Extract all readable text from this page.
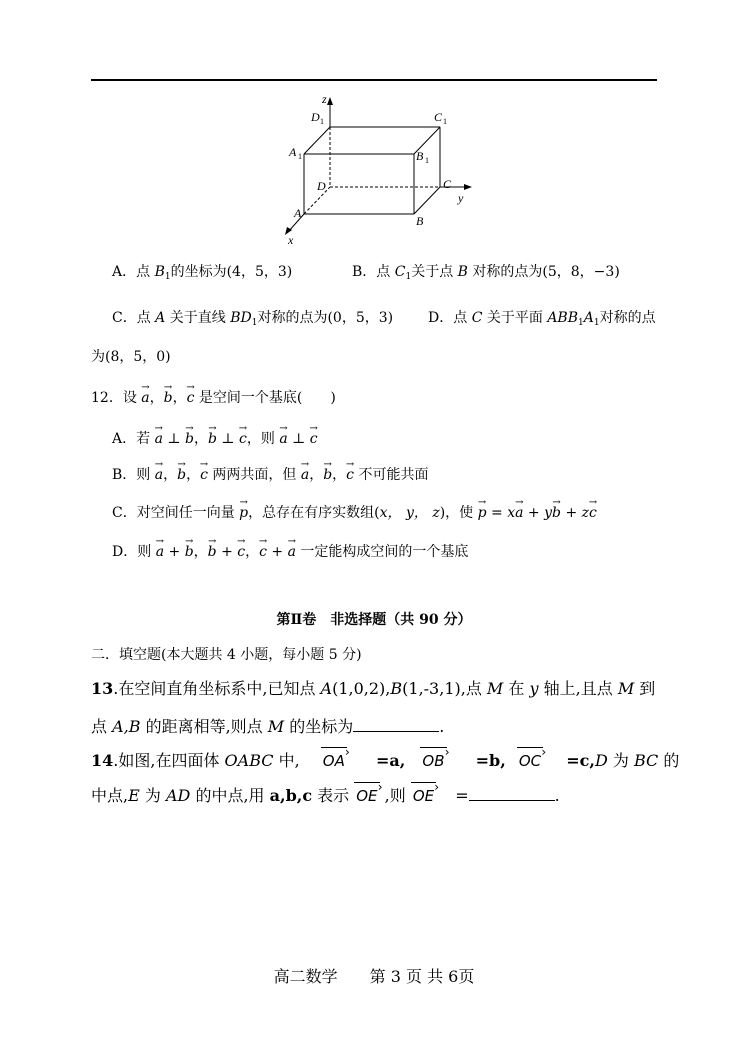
z
x
y
D	C
A	B
D	C
A
B
1	1
1	1
A．点 $B_1$的坐标为(4，5，3)	B．点 $C_1$关于点 B 对称的点为(5，8，−3)
C．点 A 关于直线 $BD_1$对称的点为(0，5，3) D．点 C 关于平面 $ABB_1A_1$对称的点
为(8，5，0)
12．设 → a，→ b，→ c 是空间一个基底(　　)
A．若 → a ⊥ → b，→ b ⊥ → c，则 → a ⊥ → c
B．则 → a，→ b，→ c 两两共面，但 → a，→ b，→ c 不可能共面
C．对空间任一向量 → p，总存在有序实数组(x， y， z)，使 → p = x→ a + y→ b + z→ c
D．则 → a + → b，→ b + → c，→ c + → a 一定能构成空间的一个基底
第Ⅱ卷　非选择题（共 90 分）
二．填空题(本大题共 4 小题，每小题 5 分)
13.在空间直角坐标系中,已知点 A(1,0,2),B(1,-3,1),点 M 在 y 轴上,且点 M 到
点 A,B 的距离相等,则点 M 的坐标为	.
14.如图,在四面体 OABC 中, OA › =a, OB › =b, OC › =c,D 为 BC 的
中点,E 为 AD 的中点,用 a,b,c 表示 OE › ,则 OE › =	.
高二数学　　第 3 页 共 6页
